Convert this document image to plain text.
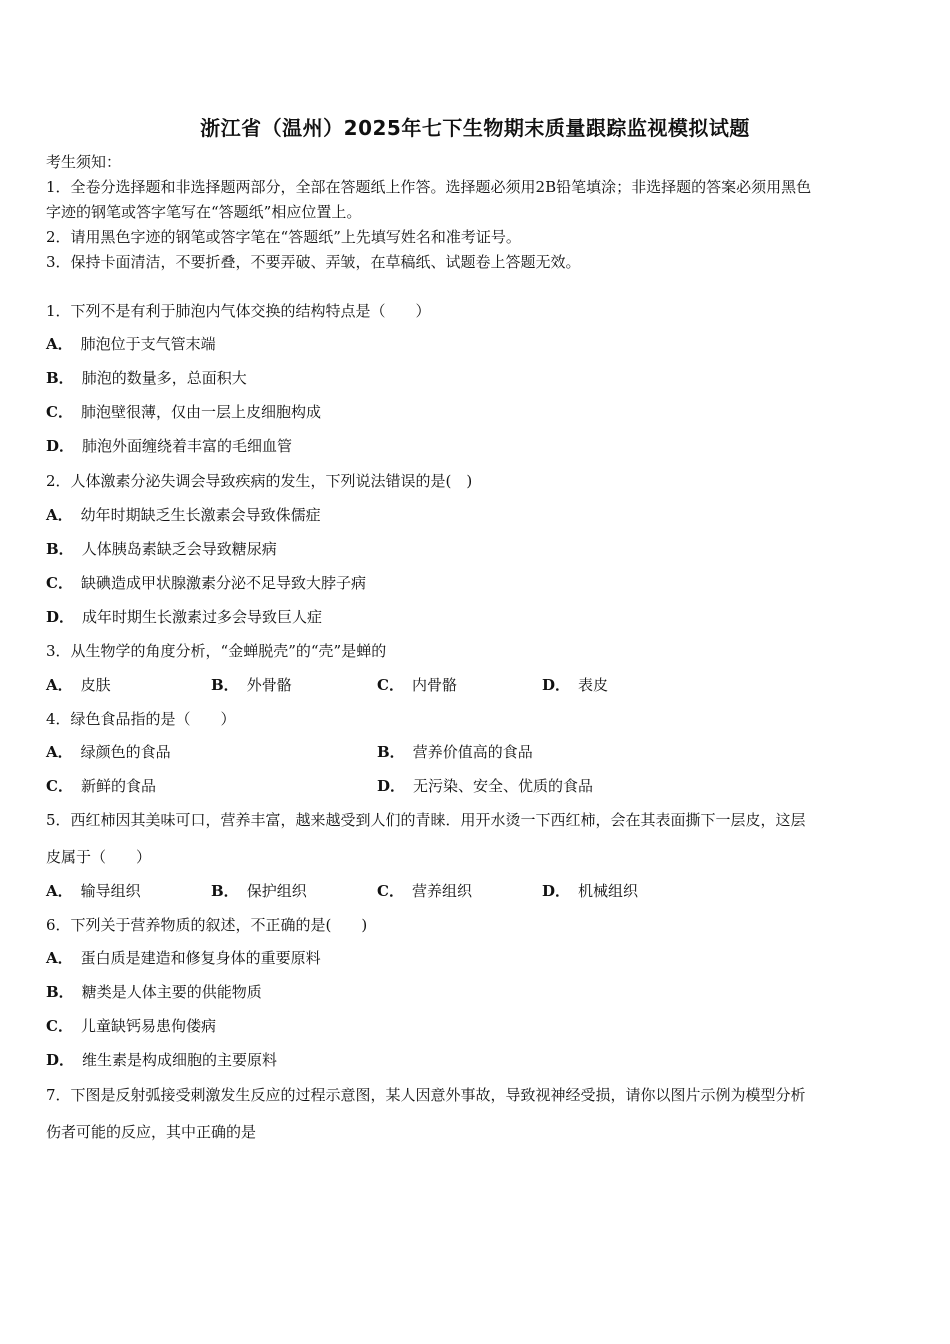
浙江省（温州）2025年七下生物期末质量跟踪监视模拟试题
考生须知：
1．全卷分选择题和非选择题两部分，全部在答题纸上作答。选择题必须用2B铅笔填涂；非选择题的答案必须用黑色
字迹的钢笔或答字笔写在“答题纸”相应位置上。
2．请用黑色字迹的钢笔或答字笔在“答题纸”上先填写姓名和准考证号。
3．保持卡面清洁，不要折叠，不要弄破、弄皱，在草稿纸、试题卷上答题无效。
1．下列不是有利于肺泡内气体交换的结构特点是（　　）
A． 肺泡位于支气管末端
B． 肺泡的数量多，总面积大
C． 肺泡壁很薄，仅由一层上皮细胞构成
D． 肺泡外面缠绕着丰富的毛细血管
2．人体激素分泌失调会导致疾病的发生，下列说法错误的是(　)
A． 幼年时期缺乏生长激素会导致侏儒症
B． 人体胰岛素缺乏会导致糖尿病
C． 缺碘造成甲状腺激素分泌不足导致大脖子病
D． 成年时期生长激素过多会导致巨人症
3．从生物学的角度分析，“金蝉脱壳”的“壳”是蝉的
A． 皮肤	B． 外骨骼	C． 内骨骼	D． 表皮
4．绿色食品指的是（　　）
A． 绿颜色的食品	B． 营养价值高的食品
C． 新鲜的食品	D． 无污染、安全、优质的食品
5．西红柿因其美味可口，营养丰富，越来越受到人们的青睐．用开水烫一下西红柿，会在其表面撕下一层皮，这层
皮属于（　　）
A． 输导组织	B． 保护组织	C． 营养组织	D． 机械组织
6．下列关于营养物质的叙述，不正确的是(　　)
A． 蛋白质是建造和修复身体的重要原料
B． 糖类是人体主要的供能物质
C． 儿童缺钙易患佝偻病
D． 维生素是构成细胞的主要原料
7．下图是反射弧接受刺激发生反应的过程示意图，某人因意外事故，导致视神经受损，请你以图片示例为模型分析
伤者可能的反应，其中正确的是
